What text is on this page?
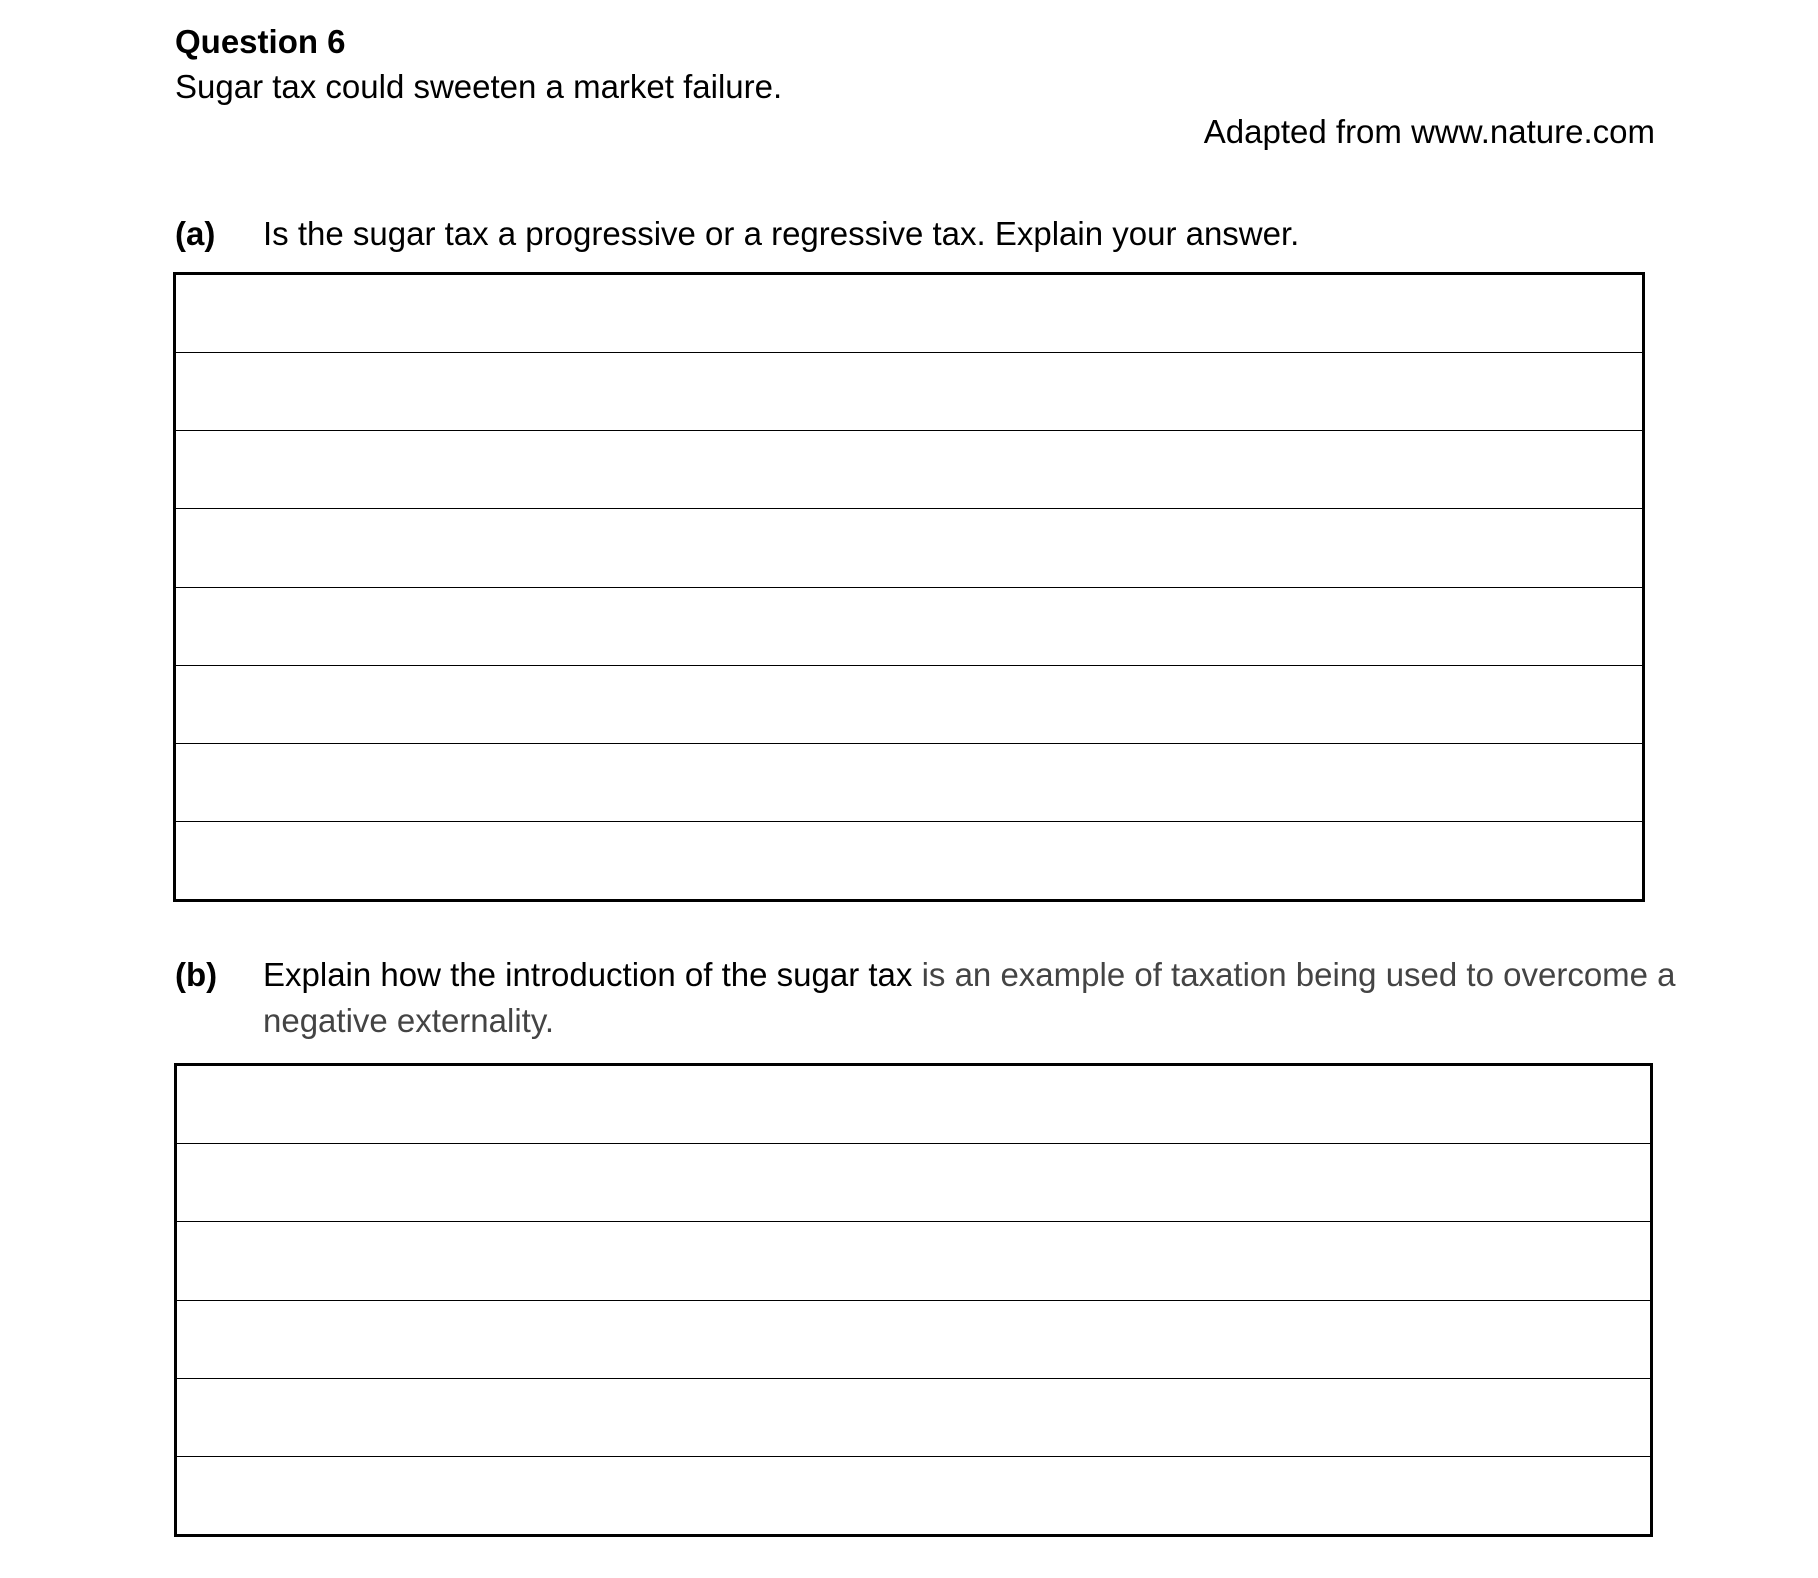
Question 6
Sugar tax could sweeten a market failure.
Adapted from www.nature.com
(a) Is the sugar tax a progressive or a regressive tax. Explain your answer.
(b) Explain how the introduction of the sugar tax is an example of taxation being used to overcome a negative externality.
